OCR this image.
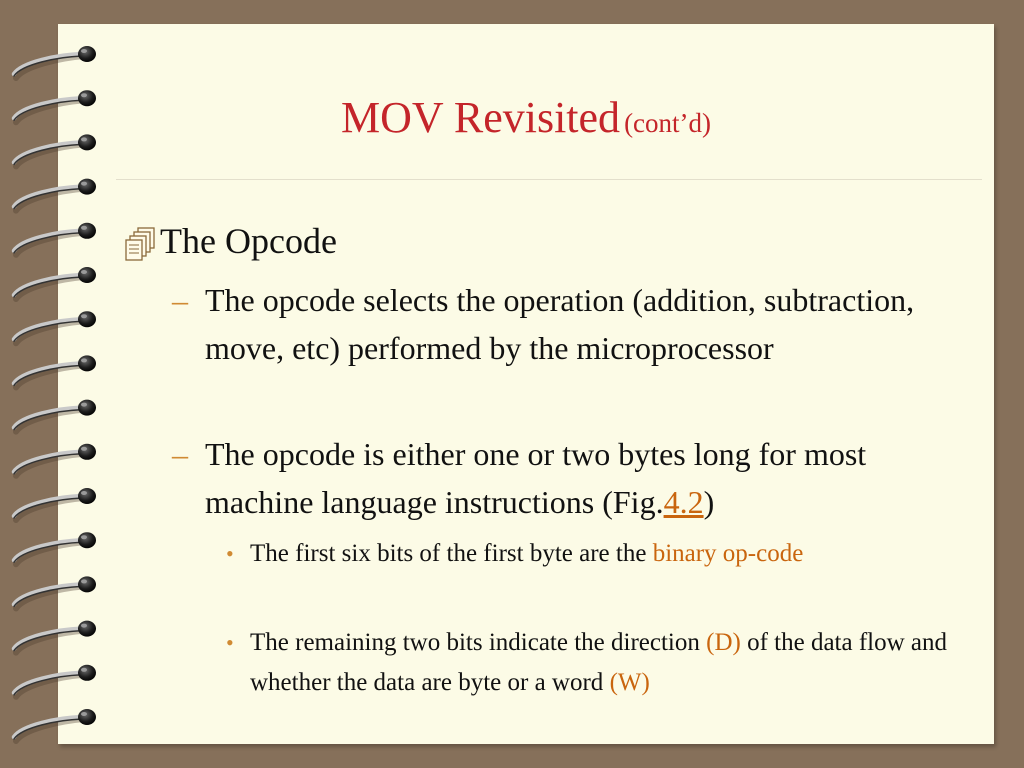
MOV Revisited (cont’d)
The Opcode
– The opcode selects the operation (addition, subtraction, move, etc) performed by the microprocessor
– The opcode is either one or two bytes long for most machine language instructions (Fig.4.2)
• The first six bits of the first byte are the binary op-code
• The remaining two bits indicate the direction (D) of the data flow and whether the data are byte or a word (W)
